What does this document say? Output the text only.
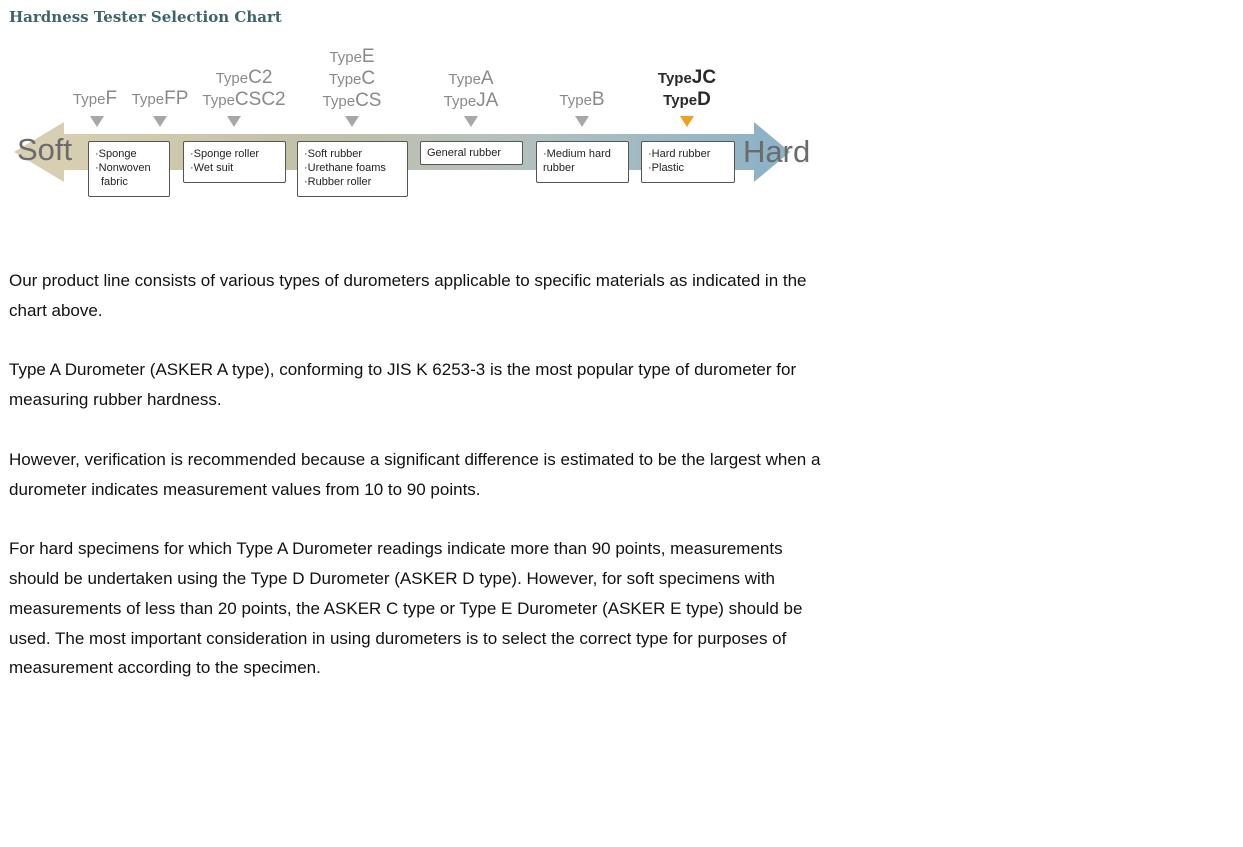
Hardness Tester Selection Chart
Soft	Hard
TypeF TypeFP
TypeC2
TypeCSC2
TypeE
TypeC
TypeCS
TypeA
TypeJA	TypeB
TypeJC
TypeD
·Sponge
·Nonwoven
fabric
·Sponge roller
·Wet suit
·Soft rubber
·Urethane foams
·Rubber roller
General rubber	·Medium hard
rubber
·Hard rubber
·Plastic

Our product line consists of various types of durometers applicable to specific materials as indicated in the chart above.

Type A Durometer (ASKER A type), conforming to JIS K 6253-3 is the most popular type of durometer for measuring rubber hardness.

However, verification is recommended because a significant difference is estimated to be the largest when a durometer indicates measurement values from 10 to 90 points.

For hard specimens for which Type A Durometer readings indicate more than 90 points, measurements should be undertaken using the Type D Durometer (ASKER D type). However, for soft specimens with measurements of less than 20 points, the ASKER C type or Type E Durometer (ASKER E type) should be used. The most important consideration in using durometers is to select the correct type for purposes of measurement according to the specimen.
